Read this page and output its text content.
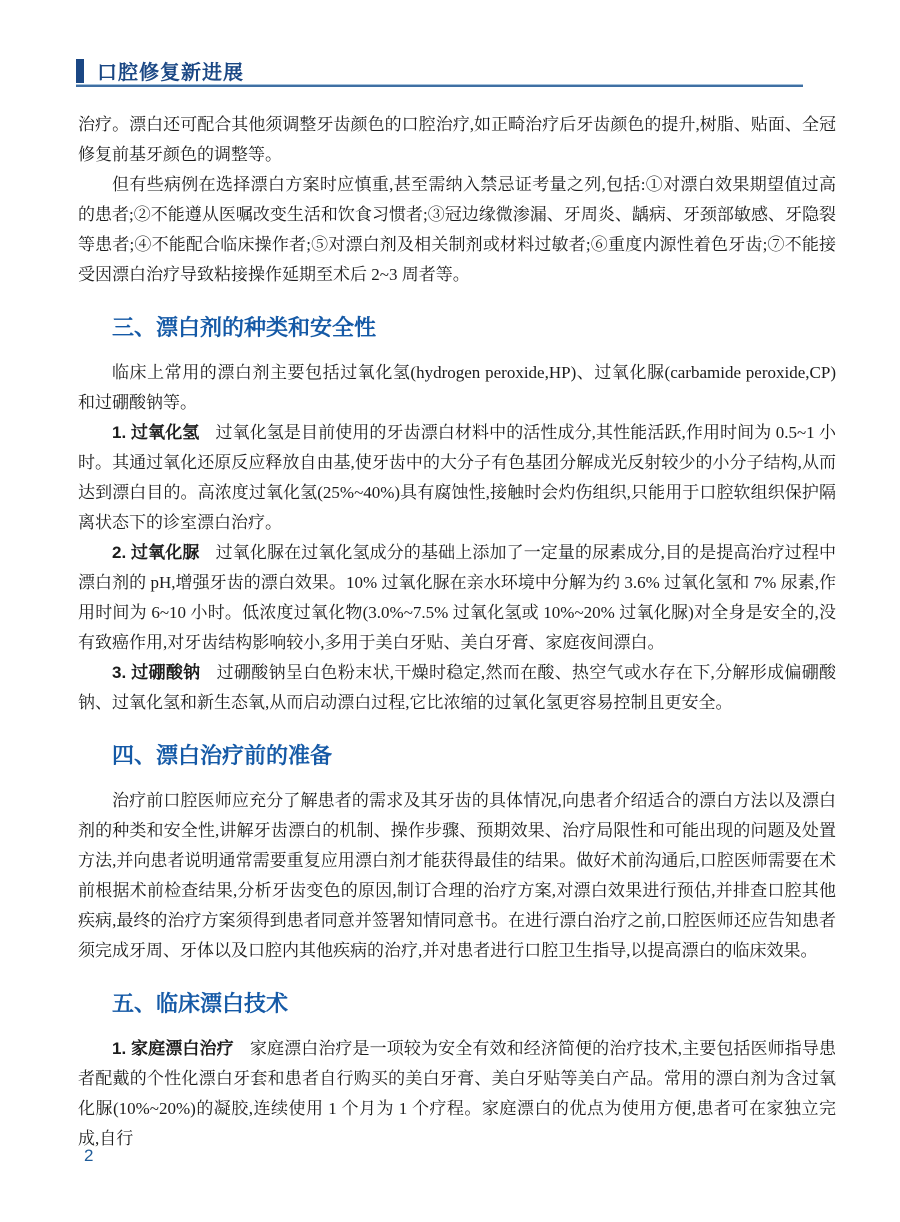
口腔修复新进展

治疗。漂白还可配合其他须调整牙齿颜色的口腔治疗,如正畸治疗后牙齿颜色的提升,树脂、贴面、全冠修复前基牙颜色的调整等。

但有些病例在选择漂白方案时应慎重,甚至需纳入禁忌证考量之列,包括:①对漂白效果期望值过高的患者;②不能遵从医嘱改变生活和饮食习惯者;③冠边缘微渗漏、牙周炎、龋病、牙颈部敏感、牙隐裂等患者;④不能配合临床操作者;⑤对漂白剂及相关制剂或材料过敏者;⑥重度内源性着色牙齿;⑦不能接受因漂白治疗导致粘接操作延期至术后 2~3 周者等。

三、漂白剂的种类和安全性

临床上常用的漂白剂主要包括过氧化氢(hydrogen peroxide,HP)、过氧化脲(carbamide peroxide,CP)和过硼酸钠等。

1. 过氧化氢 过氧化氢是目前使用的牙齿漂白材料中的活性成分,其性能活跃,作用时间为 0.5~1 小时。其通过氧化还原反应释放自由基,使牙齿中的大分子有色基团分解成光反射较少的小分子结构,从而达到漂白目的。高浓度过氧化氢(25%~40%)具有腐蚀性,接触时会灼伤组织,只能用于口腔软组织保护隔离状态下的诊室漂白治疗。

2. 过氧化脲 过氧化脲在过氧化氢成分的基础上添加了一定量的尿素成分,目的是提高治疗过程中漂白剂的 pH,增强牙齿的漂白效果。10% 过氧化脲在亲水环境中分解为约 3.6% 过氧化氢和 7% 尿素,作用时间为 6~10 小时。低浓度过氧化物(3.0%~7.5% 过氧化氢或 10%~20% 过氧化脲)对全身是安全的,没有致癌作用,对牙齿结构影响较小,多用于美白牙贴、美白牙膏、家庭夜间漂白。

3. 过硼酸钠 过硼酸钠呈白色粉末状,干燥时稳定,然而在酸、热空气或水存在下,分解形成偏硼酸钠、过氧化氢和新生态氧,从而启动漂白过程,它比浓缩的过氧化氢更容易控制且更安全。

四、漂白治疗前的准备

治疗前口腔医师应充分了解患者的需求及其牙齿的具体情况,向患者介绍适合的漂白方法以及漂白剂的种类和安全性,讲解牙齿漂白的机制、操作步骤、预期效果、治疗局限性和可能出现的问题及处置方法,并向患者说明通常需要重复应用漂白剂才能获得最佳的结果。做好术前沟通后,口腔医师需要在术前根据术前检查结果,分析牙齿变色的原因,制订合理的治疗方案,对漂白效果进行预估,并排查口腔其他疾病,最终的治疗方案须得到患者同意并签署知情同意书。在进行漂白治疗之前,口腔医师还应告知患者须完成牙周、牙体以及口腔内其他疾病的治疗,并对患者进行口腔卫生指导,以提高漂白的临床效果。

五、临床漂白技术

1. 家庭漂白治疗 家庭漂白治疗是一项较为安全有效和经济简便的治疗技术,主要包括医师指导患者配戴的个性化漂白牙套和患者自行购买的美白牙膏、美白牙贴等美白产品。常用的漂白剂为含过氧化脲(10%~20%)的凝胶,连续使用 1 个月为 1 个疗程。家庭漂白的优点为使用方便,患者可在家独立完成,自行

2
